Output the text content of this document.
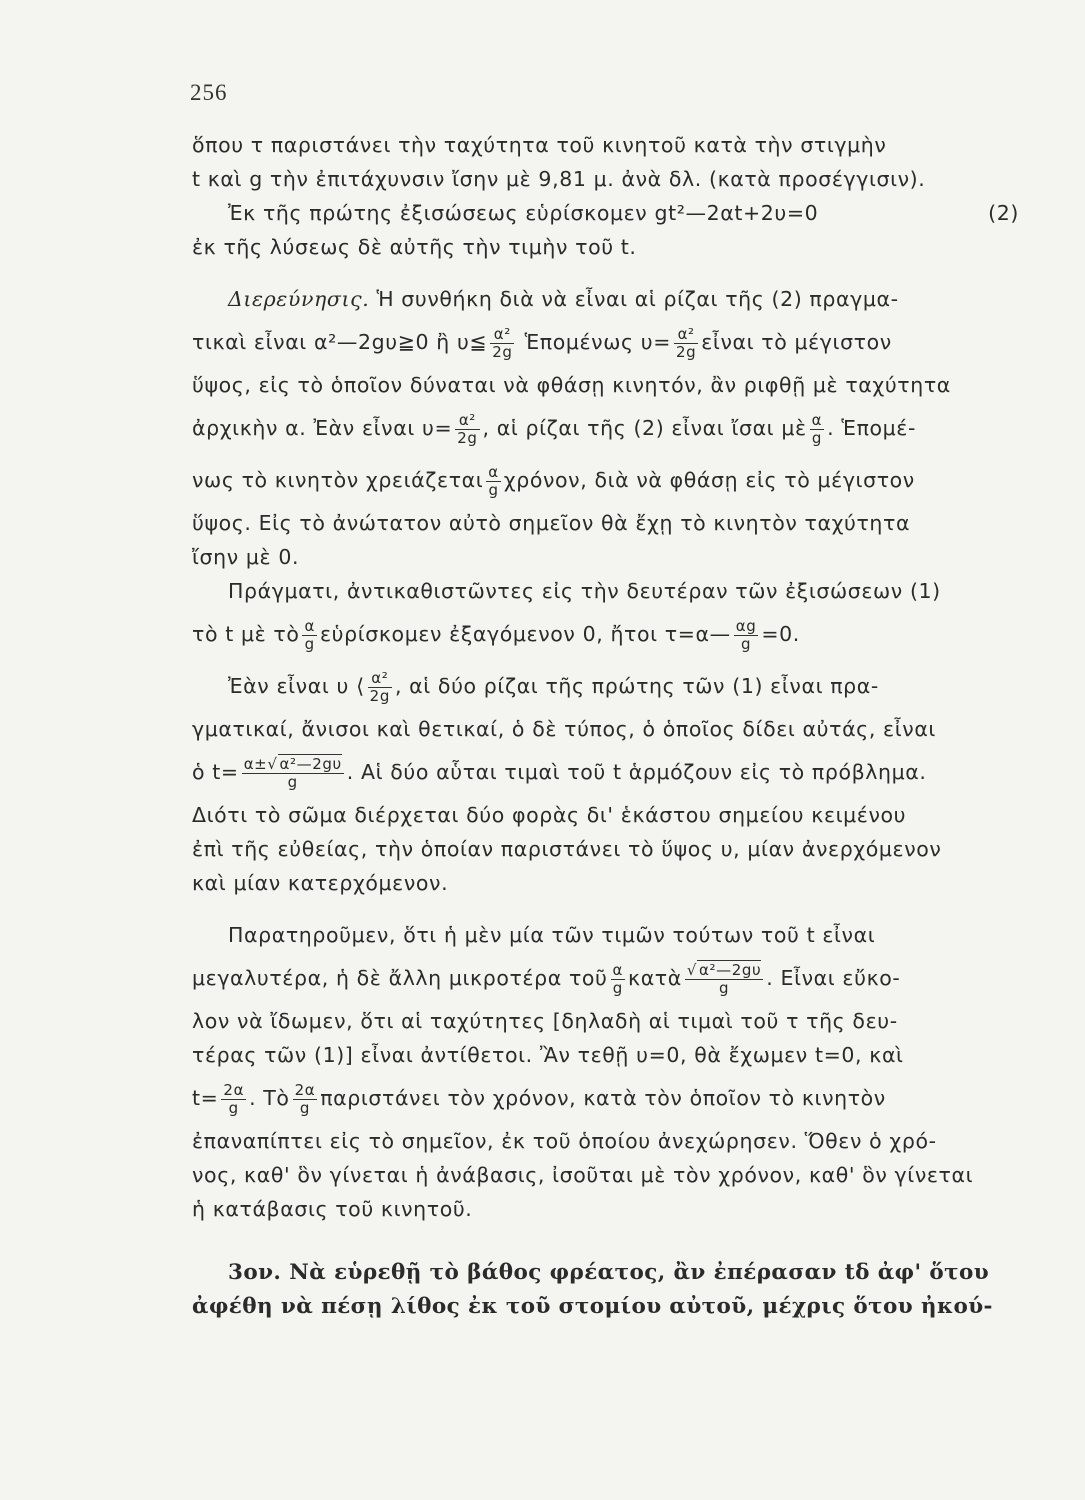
256
ὅπου τ παριστάνει τὴν ταχύτητα τοῦ κινητοῦ κατὰ τὴν στιγμὴν
t καὶ g τὴν ἐπιτάχυνσιν ἴσην μὲ 9,81 μ. ἀνὰ δλ. (κατὰ προσέγγισιν).
Ἐκ τῆς πρώτης ἐξισώσεως εὑρίσκομεν gt²—2αt+2υ=0	(2)
ἐκ τῆς λύσεως δὲ αὐτῆς τὴν τιμὴν τοῦ t.
Διερεύνησις. Ἡ συνθήκη διὰ νὰ εἶναι αἱ ρίζαι τῆς (2) πραγμα-
τικαὶ εἶναι α²—2gυ≧0 ἢ υ≦ $\frac{\text{α²}}{2g}$ Ἑπομένως $\upsilon= \frac{\text{α²}}{2g}$ εἶναι τὸ μέγιστον
ὕψος, εἰς τὸ ὁποῖον δύναται νὰ φθάσῃ κινητόν, ἂν ριφθῇ μὲ ταχύτητα
ἀρχικὴν α. Ἐὰν εἶναι $\upsilon= \frac{\text{α²}}{2g}$ , αἱ ρίζαι τῆς (2) εἶναι ἴσαι μὲ $\frac{\alpha}{g}$ . Ἑπομέ-
νως τὸ κινητὸν χρειάζεται $\frac{\alpha}{g} \chi\rho ό\nu o\nu$, διὰ νὰ φθάσῃ εἰς τὸ μέγιστον
ὕψος. Εἰς τὸ ἀνώτατον αὐτὸ σημεῖον θὰ ἔχῃ τὸ κινητὸν ταχύτητα
ἴσην μὲ 0.
Πράγματι, ἀντικαθιστῶντες εἰς τὴν δευτέραν τῶν ἐξισώσεων (1)
τὸ t μὲ τὸ $\frac{\alpha}{g}$ εὑρίσκομεν ἐξαγόμενον 0, ἤτοι τ=α— $\frac{\alpha g}{g} =0$.
Ἐὰν εἶναι υ ⟨ $\frac{\text{α²}}{2g}$ , αἱ δύο ρίζαι τῆς πρώτης τῶν (1) εἶναι πρα-
γματικαί, ἄνισοι καὶ θετικαί, ὁ δὲ τύπος, ὁ ὁποῖος δίδει αὐτάς, εἶναι
ὁ $t= \frac{\text{α±√ α²—2gυ}}{g}$ . Αἱ δύο αὗται τιμαὶ τοῦ t ἁρμόζουν εἰς τὸ πρόβλημα.
Διότι τὸ σῶμα διέρχεται δύο φορὰς δι' ἑκάστου σημείου κειμένου
ἐπὶ τῆς εὐθείας, τὴν ὁποίαν παριστάνει τὸ ὕψος υ, μίαν ἀνερχόμενον
καὶ μίαν κατερχόμενον.
Παρατηροῦμεν, ὅτι ἡ μὲν μία τῶν τιμῶν τούτων τοῦ t εἶναι
μεγαλυτέρα, ἡ δὲ ἄλλη μικροτέρα τοῦ $\frac{\alpha}{g}$ κατὰ $\frac{\text{√ α²—2gυ}}{g}$ . Εἶναι εὔκο-
λον νὰ ἴδωμεν, ὅτι αἱ ταχύτητες [δηλαδὴ αἱ τιμαὶ τοῦ τ τῆς δευ-
τέρας τῶν (1)] εἶναι ἀντίθετοι. Ἂν τεθῇ υ=0, θὰ ἔχωμεν t=0, καὶ
$t= \frac{2\alpha}{g}$ . Τὸ $\frac{2\alpha}{g}$ παριστάνει τὸν χρόνον, κατὰ τὸν ὁποῖον τὸ κινητὸν
ἐπαναπίπτει εἰς τὸ σημεῖον, ἐκ τοῦ ὁποίου ἀνεχώρησεν. Ὅθεν ὁ χρό-
νος, καθ' ὃν γίνεται ἡ ἀνάβασις, ἰσοῦται μὲ τὸν χρόνον, καθ' ὃν γίνεται
ἡ κατάβασις τοῦ κινητοῦ.
3ον. Νὰ εὑρεθῇ τὸ βάθος φρέατος, ἂν ἐπέρασαν tδ ἀφ' ὅτου
ἀφέθη νὰ πέσῃ λίθος ἐκ τοῦ στομίου αὐτοῦ, μέχρις ὅτου ἠκού-
